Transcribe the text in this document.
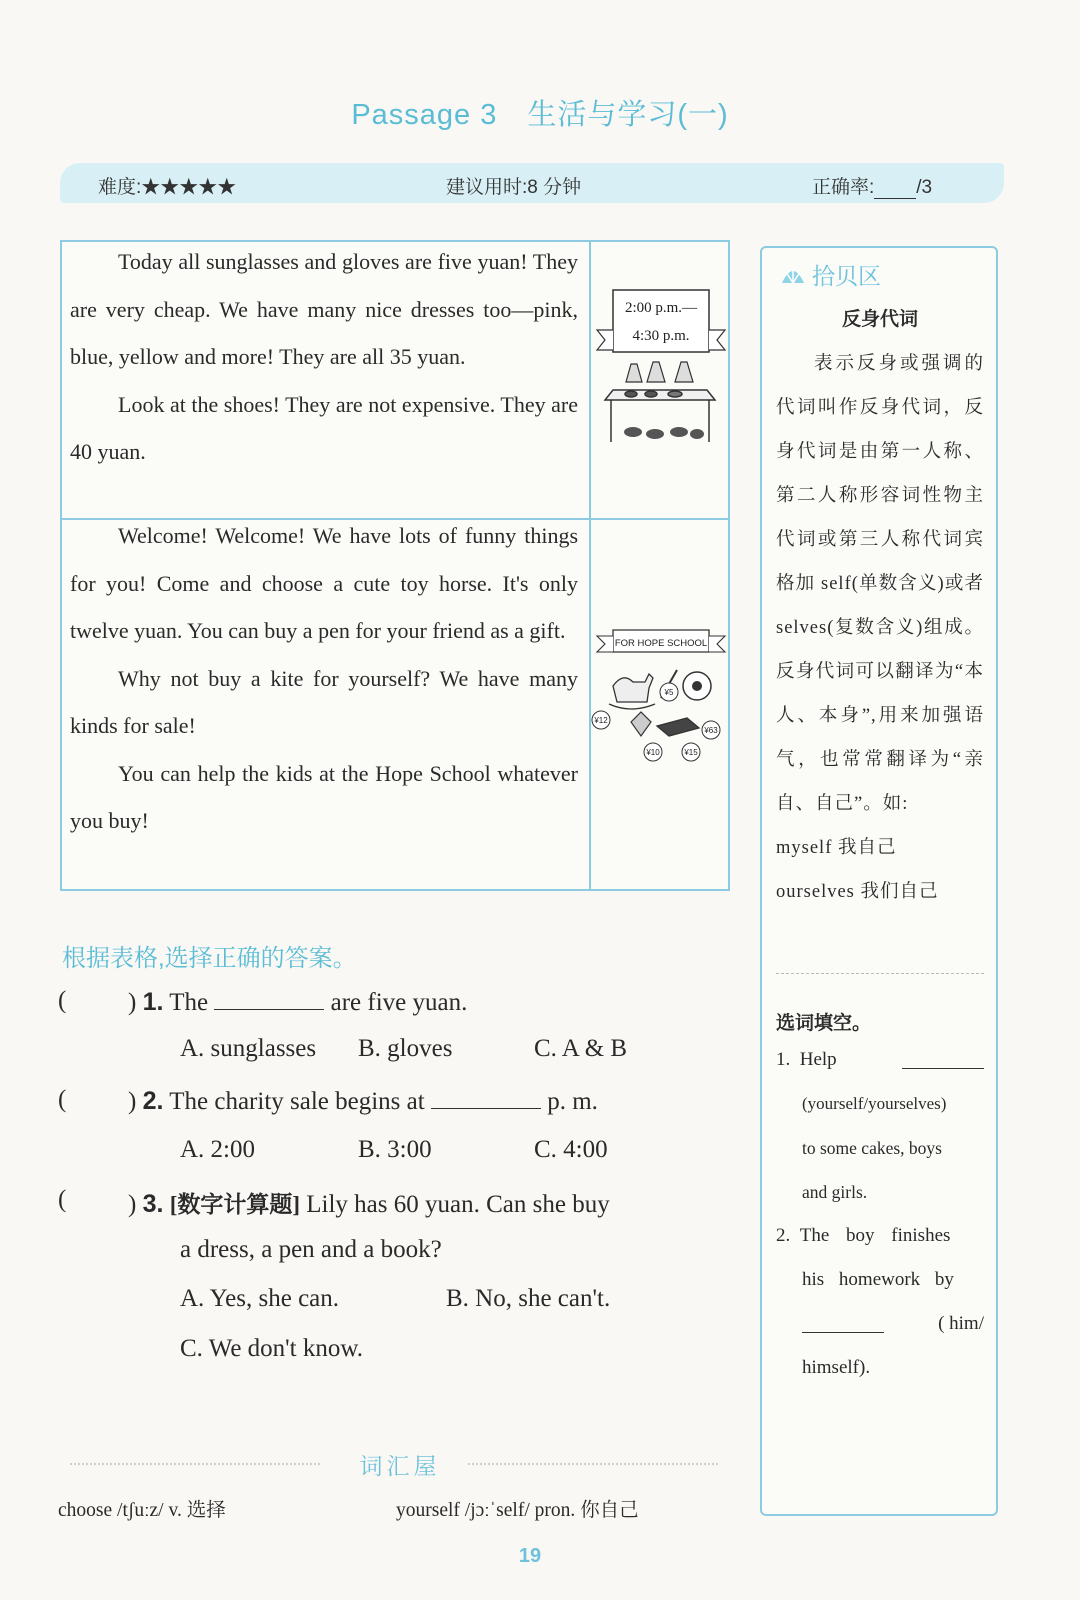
Passage 3 生活与学习(一)
难度:★★★★★	建议用时:8 分钟	正确率: /3

Today all sunglasses and gloves are five yuan! They are very cheap. We have many nice dresses too—pink, blue, yellow and more! They are all 35 yuan.

Look at the shoes! They are not expensive. They are 40 yuan.

2:00 p.m.—
4:30 p.m.

Welcome! Welcome! We have lots of funny things for you! Come and choose a cute toy horse. It's only twelve yuan. You can buy a pen for your friend as a gift.

Why not buy a kite for yourself? We have many kinds for sale!

You can help the kids at the Hope School whatever you buy!

FOR HOPE SCHOOL
¥12
¥5
¥63
¥10	¥15
拾贝区
反身代词

表示反身或强调的代词叫作反身代词，反身代词是由第一人称、第二人称形容词性物主代词或第三人称代词宾格加 self(单数含义)或者 selves(复数含义)组成。反身代词可以翻译为“本人、本身”,用来加强语气，也常常翻译为“亲自、自己”。如:

myself 我自己

ourselves 我们自己

选词填空。
1. Help
(yourself/yourselves)
to some cakes, boys
and girls.
2. The boy finishes
his homework by
( him/
himself).
根据表格,选择正确的答案。
( ) 1. The	are five yuan.
A. sunglasses B. gloves	C. A & B
( ) 2. The charity sale begins at	p. m.
A. 2:00	B. 3:00	C. 4:00
( ) 3. [数字计算题] Lily has 60 yuan. Can she buy
a dress, a pen and a book?
A. Yes, she can.	B. No, she can't.
C. We don't know.
词汇屋
choose /tʃuːz/ v. 选择	yourself /jɔːˈself/ pron. 你自己
19
